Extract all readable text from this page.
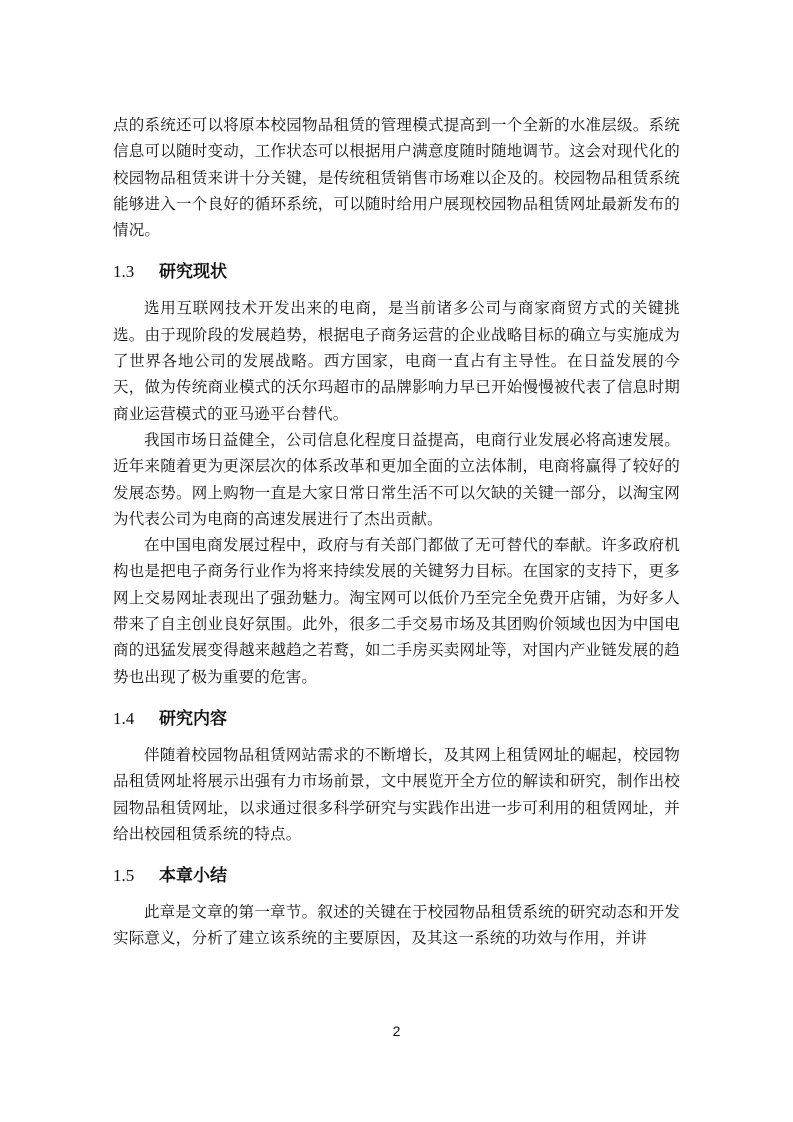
点的系统还可以将原本校园物品租赁的管理模式提高到一个全新的水准层级。系统信息可以随时变动，工作状态可以根据用户满意度随时随地调节。这会对现代化的校园物品租赁来讲十分关键，是传统租赁销售市场难以企及的。校园物品租赁系统能够进入一个良好的循环系统，可以随时给用户展现校园物品租赁网址最新发布的情况。

1.3	研究现状

选用互联网技术开发出来的电商，是当前诸多公司与商家商贸方式的关键挑选。由于现阶段的发展趋势，根据电子商务运营的企业战略目标的确立与实施成为了世界各地公司的发展战略。西方国家，电商一直占有主导性。在日益发展的今天，做为传统商业模式的沃尔玛超市的品牌影响力早已开始慢慢被代表了信息时期商业运营模式的亚马逊平台替代。

我国市场日益健全，公司信息化程度日益提高，电商行业发展必将高速发展。近年来随着更为更深层次的体系改革和更加全面的立法体制，电商将赢得了较好的发展态势。网上购物一直是大家日常日常生活不可以欠缺的关键一部分，以淘宝网为代表公司为电商的高速发展进行了杰出贡献。

在中国电商发展过程中，政府与有关部门都做了无可替代的奉献。许多政府机构也是把电子商务行业作为将来持续发展的关键努力目标。在国家的支持下，更多网上交易网址表现出了强劲魅力。淘宝网可以低价乃至完全免费开店铺，为好多人带来了自主创业良好氛围。此外，很多二手交易市场及其团购价领域也因为中国电商的迅猛发展变得越来越趋之若鹜，如二手房买卖网址等，对国内产业链发展的趋势也出现了极为重要的危害。

1.4	研究内容

伴随着校园物品租赁网站需求的不断增长，及其网上租赁网址的崛起，校园物品租赁网址将展示出强有力市场前景，文中展览开全方位的解读和研究，制作出校园物品租赁网址，以求通过很多科学研究与实践作出进一步可利用的租赁网址，并给出校园租赁系统的特点。

1.5	本章小结

此章是文章的第一章节。叙述的关键在于校园物品租赁系统的研究动态和开发实际意义，分析了建立该系统的主要原因，及其这一系统的功效与作用，并讲

2
